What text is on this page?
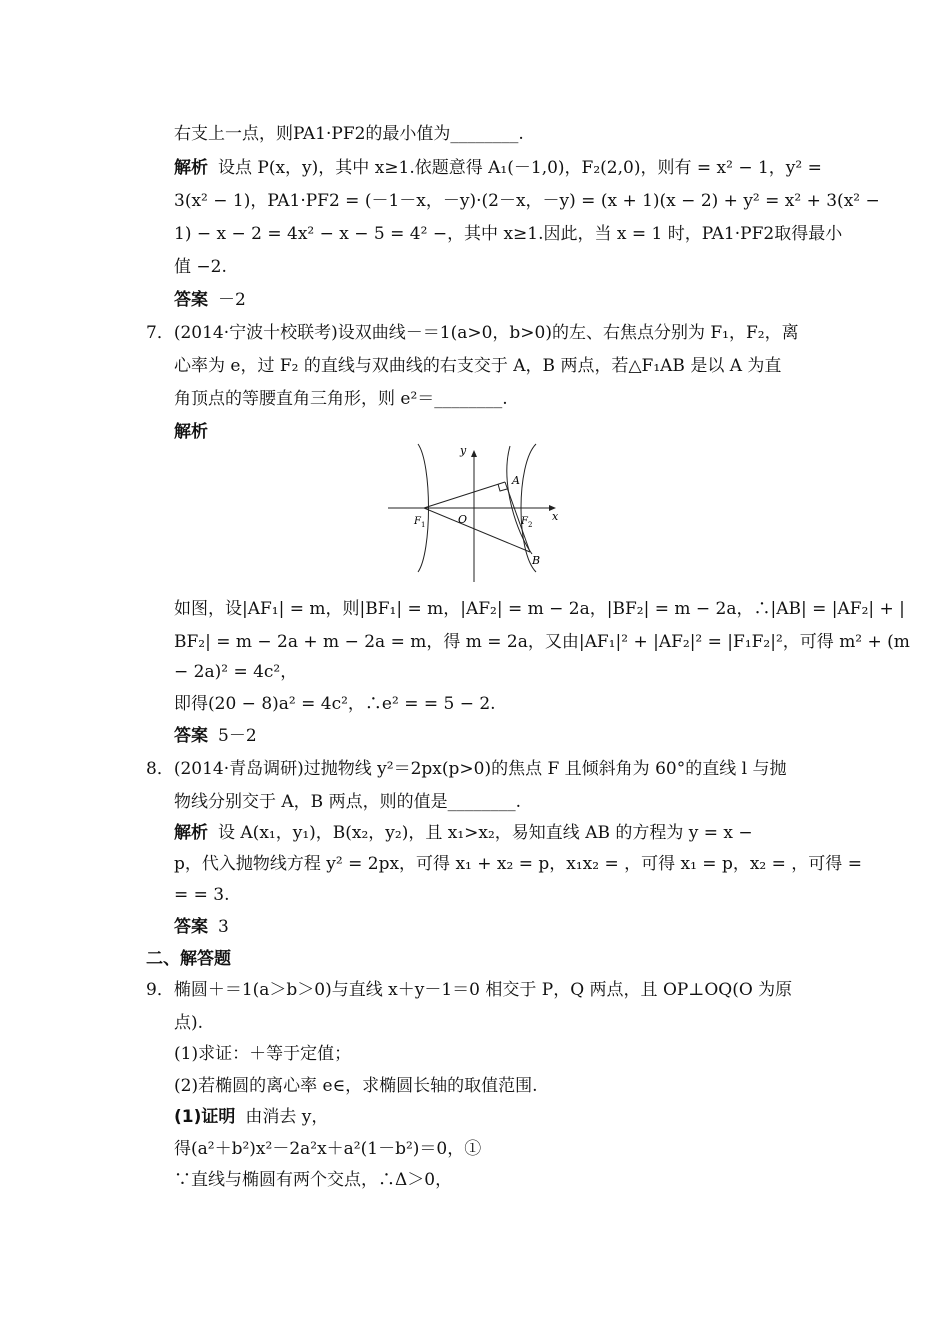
右支上一点，则PA1·PF2的最小值为________.
解析 设点 P(x，y)，其中 x≥1.依题意得 A₁(－1,0)，F₂(2,0)，则有 = x² − 1，y² =
3(x² − 1)，PA1·PF2 = (－1－x，－y)·(2－x，－y) = (x + 1)(x − 2) + y² = x² + 3(x² −
1) − x − 2 = 4x² − x − 5 = 4² −，其中 x≥1.因此，当 x = 1 时，PA1·PF2取得最小
值 −2.
答案 －2
7．(2014·宁波十校联考)设双曲线－＝1(a>0，b>0)的左、右焦点分别为 F₁，F₂，离
心率为 e，过 F₂ 的直线与双曲线的右支交于 A，B 两点，若△F₁AB 是以 A 为直
角顶点的等腰直角三角形，则 e²＝________.
解析
y
x
A
B
O
F 1	F 2
如图，设|AF₁| = m，则|BF₁| = m，|AF₂| = m − 2a，|BF₂| = m − 2a，∴|AB| = |AF₂| + |
BF₂| = m − 2a + m − 2a = m，得 m = 2a，又由|AF₁|² + |AF₂|² = |F₁F₂|²，可得 m² + (m
− 2a)² = 4c²，
即得(20 − 8)a² = 4c²，∴e² = = 5 − 2.
答案 5－2
8．(2014·青岛调研)过抛物线 y²＝2px(p>0)的焦点 F 且倾斜角为 60°的直线 l 与抛
物线分别交于 A，B 两点，则的值是________.
解析 设 A(x₁，y₁)，B(x₂，y₂)，且 x₁>x₂，易知直线 AB 的方程为 y = x −
p，代入抛物线方程 y² = 2px，可得 x₁ + x₂ = p，x₁x₂ = ，可得 x₁ = p，x₂ = ，可得 =
= = 3.
答案 3
二、解答题
9．椭圆＋＝1(a＞b＞0)与直线 x＋y－1＝0 相交于 P，Q 两点，且 OP⊥OQ(O 为原
点).
(1)求证：＋等于定值；
(2)若椭圆的离心率 e∈，求椭圆长轴的取值范围.
(1)证明 由消去 y，
得(a²＋b²)x²－2a²x＋a²(1－b²)＝0，①
∵直线与椭圆有两个交点，∴Δ＞0，
